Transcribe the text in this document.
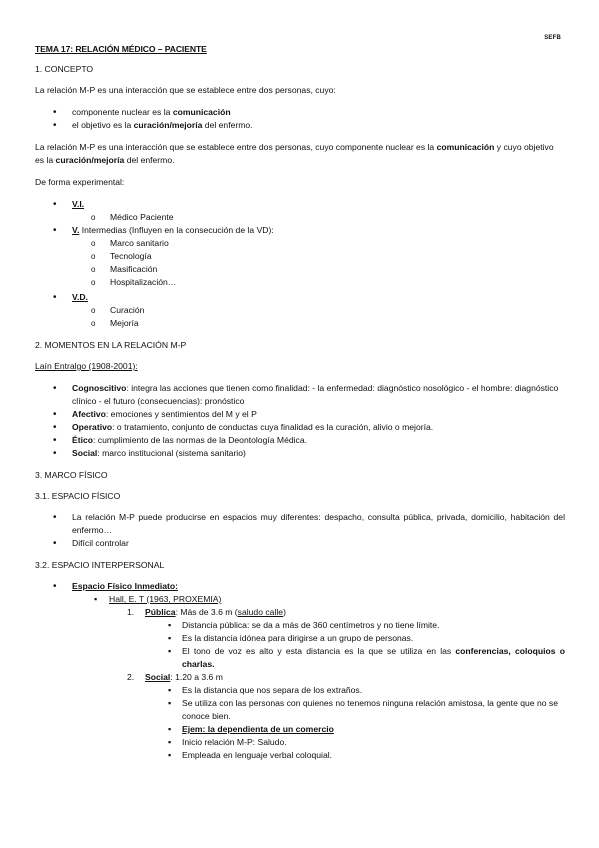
SEFB
TEMA 17: RELACIÓN MÉDICO – PACIENTE
1. CONCEPTO

La relación M-P es una interacción que se establece entre dos personas, cuyo:

• componente nuclear es la comunicación
• el objetivo es la curación/mejoría del enfermo.

La relación M-P es una interacción que se establece entre dos personas, cuyo componente nuclear es la comunicación y cuyo objetivo es la curación/mejoría del enfermo.

De forma experimental:

• V.I.
o Médico Paciente
• V. Intermedias (Influyen en la consecución de la VD):
o Marco sanitario
o Tecnología
o Masificación
o Hospitalización…
• V.D.
o Curación
o Mejoría
2. MOMENTOS EN LA RELACIÓN M-P

Laín Entralgo (1908-2001):

• Cognoscitivo: integra las acciones que tienen como finalidad: - la enfermedad: diagnóstico nosológico - el hombre: diagnóstico clínico - el futuro (consecuencias): pronóstico
• Afectivo: emociones y sentimientos del M y el P
• Operativo: o tratamiento, conjunto de conductas cuya finalidad es la curación, alivio o mejoría.
• Ético: cumplimiento de las normas de la Deontología Médica.
• Social: marco institucional (sistema sanitario)
3. MARCO FÍSICO
3.1. ESPACIO FÍSICO
• La relación M-P puede producirse en espacios muy diferentes: despacho, consulta pública, privada, domicilio, habitación del enfermo…
• Difícil controlar
3.2. ESPACIO INTERPERSONAL
• Espacio Físico Inmediato:
▪ Hall, E. T (1963, PROXEMIA)
1. Pública: Más de 3.6 m (saludo calle)
▪ Distancia pública: se da a más de 360 centímetros y no tiene límite.
▪ Es la distancia idónea para dirigirse a un grupo de personas.
▪ El tono de voz es alto y esta distancia es la que se utiliza en las conferencias, coloquios o charlas.
2. Social: 1.20 a 3.6 m
▪ Es la distancia que nos separa de los extraños.
▪ Se utiliza con las personas con quienes no tenemos ninguna relación amistosa, la gente que no se conoce bien.
▪ Ejem: la dependienta de un comercio
▪ Inicio relación M-P: Saludo.
▪ Empleada en lenguaje verbal coloquial.
